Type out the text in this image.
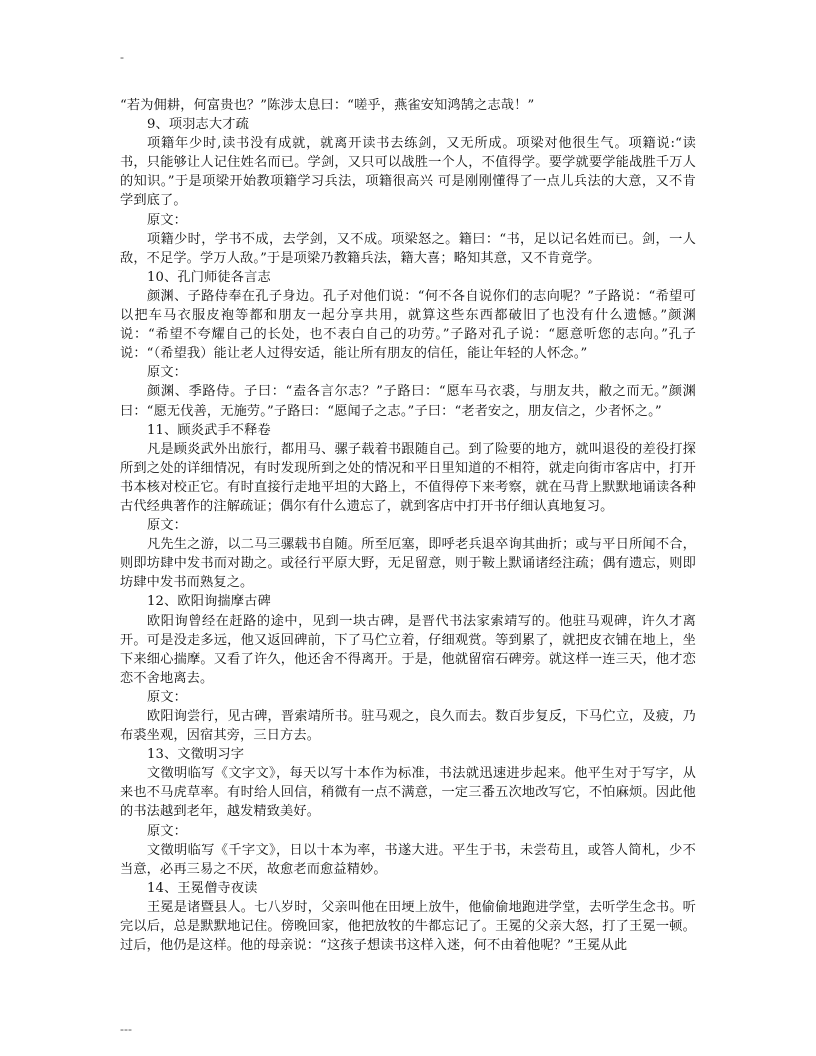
-

“若为佣耕，何富贵也？”陈涉太息曰：“嗟乎，燕雀安知鸿鹄之志哉！”

9、项羽志大才疏

项籍年少时,读书没有成就，就离开读书去练剑，又无所成。项梁对他很生气。项籍说:“读书，只能够让人记住姓名而已。学剑，又只可以战胜一个人，不值得学。要学就要学能战胜千万人的知识。”于是项梁开始教项籍学习兵法，项籍很高兴 可是刚刚懂得了一点儿兵法的大意，又不肯学到底了。

原文：

项籍少时，学书不成，去学剑，又不成。项梁怒之。籍曰：“书，足以记名姓而已。剑，一人敌，不足学。学万人敌。”于是项梁乃教籍兵法，籍大喜；略知其意，又不肯竟学。

10、孔门师徒各言志

颜渊、子路侍奉在孔子身边。孔子对他们说：“何不各自说你们的志向呢？”子路说：“希望可以把车马衣服皮袍等都和朋友一起分享共用，就算这些东西都破旧了也没有什么遗憾。”颜渊说：“希望不夸耀自己的长处，也不表白自己的功劳。”子路对孔子说：“愿意听您的志向。”孔子说：“（希望我）能让老人过得安适，能让所有朋友的信任，能让年轻的人怀念。”

原文：

颜渊、季路侍。子曰：“盍各言尔志？”子路曰：“愿车马衣裘，与朋友共，敝之而无。”颜渊曰：“愿无伐善，无施劳。”子路曰：“愿闻子之志。”子曰：“老者安之，朋友信之，少者怀之。”

11、顾炎武手不释卷

凡是顾炎武外出旅行，都用马、骡子载着书跟随自己。到了险要的地方，就叫退役的差役打探所到之处的详细情况，有时发现所到之处的情况和平日里知道的不相符，就走向街市客店中，打开书本核对校正它。有时直接行走地平坦的大路上，不值得停下来考察，就在马背上默默地诵读各种古代经典著作的注解疏证；偶尔有什么遗忘了，就到客店中打开书仔细认真地复习。

原文：

凡先生之游，以二马三骡载书自随。所至厄塞，即呼老兵退卒询其曲折；或与平日所闻不合，则即坊肆中发书而对勘之。或径行平原大野，无足留意，则于鞍上默诵诸经注疏；偶有遗忘，则即坊肆中发书而熟复之。

12、欧阳询揣摩古碑

欧阳询曾经在赶路的途中，见到一块古碑，是晋代书法家索靖写的。他驻马观碑，许久才离开。可是没走多远，他又返回碑前，下了马伫立着，仔细观赏。等到累了，就把皮衣铺在地上，坐下来细心揣摩。又看了许久，他还舍不得离开。于是，他就留宿石碑旁。就这样一连三天，他才恋恋不舍地离去。

原文：

欧阳询尝行，见古碑，晋索靖所书。驻马观之，良久而去。数百步复反，下马伫立，及疲，乃布裘坐观，因宿其旁，三日方去。

13、文徵明习字

文徵明临写《文字文》，每天以写十本作为标准，书法就迅速进步起来。他平生对于写字，从来也不马虎草率。有时给人回信，稍微有一点不满意，一定三番五次地改写它，不怕麻烦。因此他的书法越到老年，越发精致美好。

原文：

文徵明临写《千字文》，日以十本为率，书遂大进。平生于书，未尝苟且，或答人简札，少不当意，必再三易之不厌，故愈老而愈益精妙。

14、王冕僧寺夜读

王冕是诸暨县人。七八岁时，父亲叫他在田埂上放牛，他偷偷地跑进学堂，去听学生念书。听完以后，总是默默地记住。傍晚回家，他把放牧的牛都忘记了。王冕的父亲大怒，打了王冕一顿。过后，他仍是这样。他的母亲说：“这孩子想读书这样入迷，何不由着他呢？”王冕从此

---
